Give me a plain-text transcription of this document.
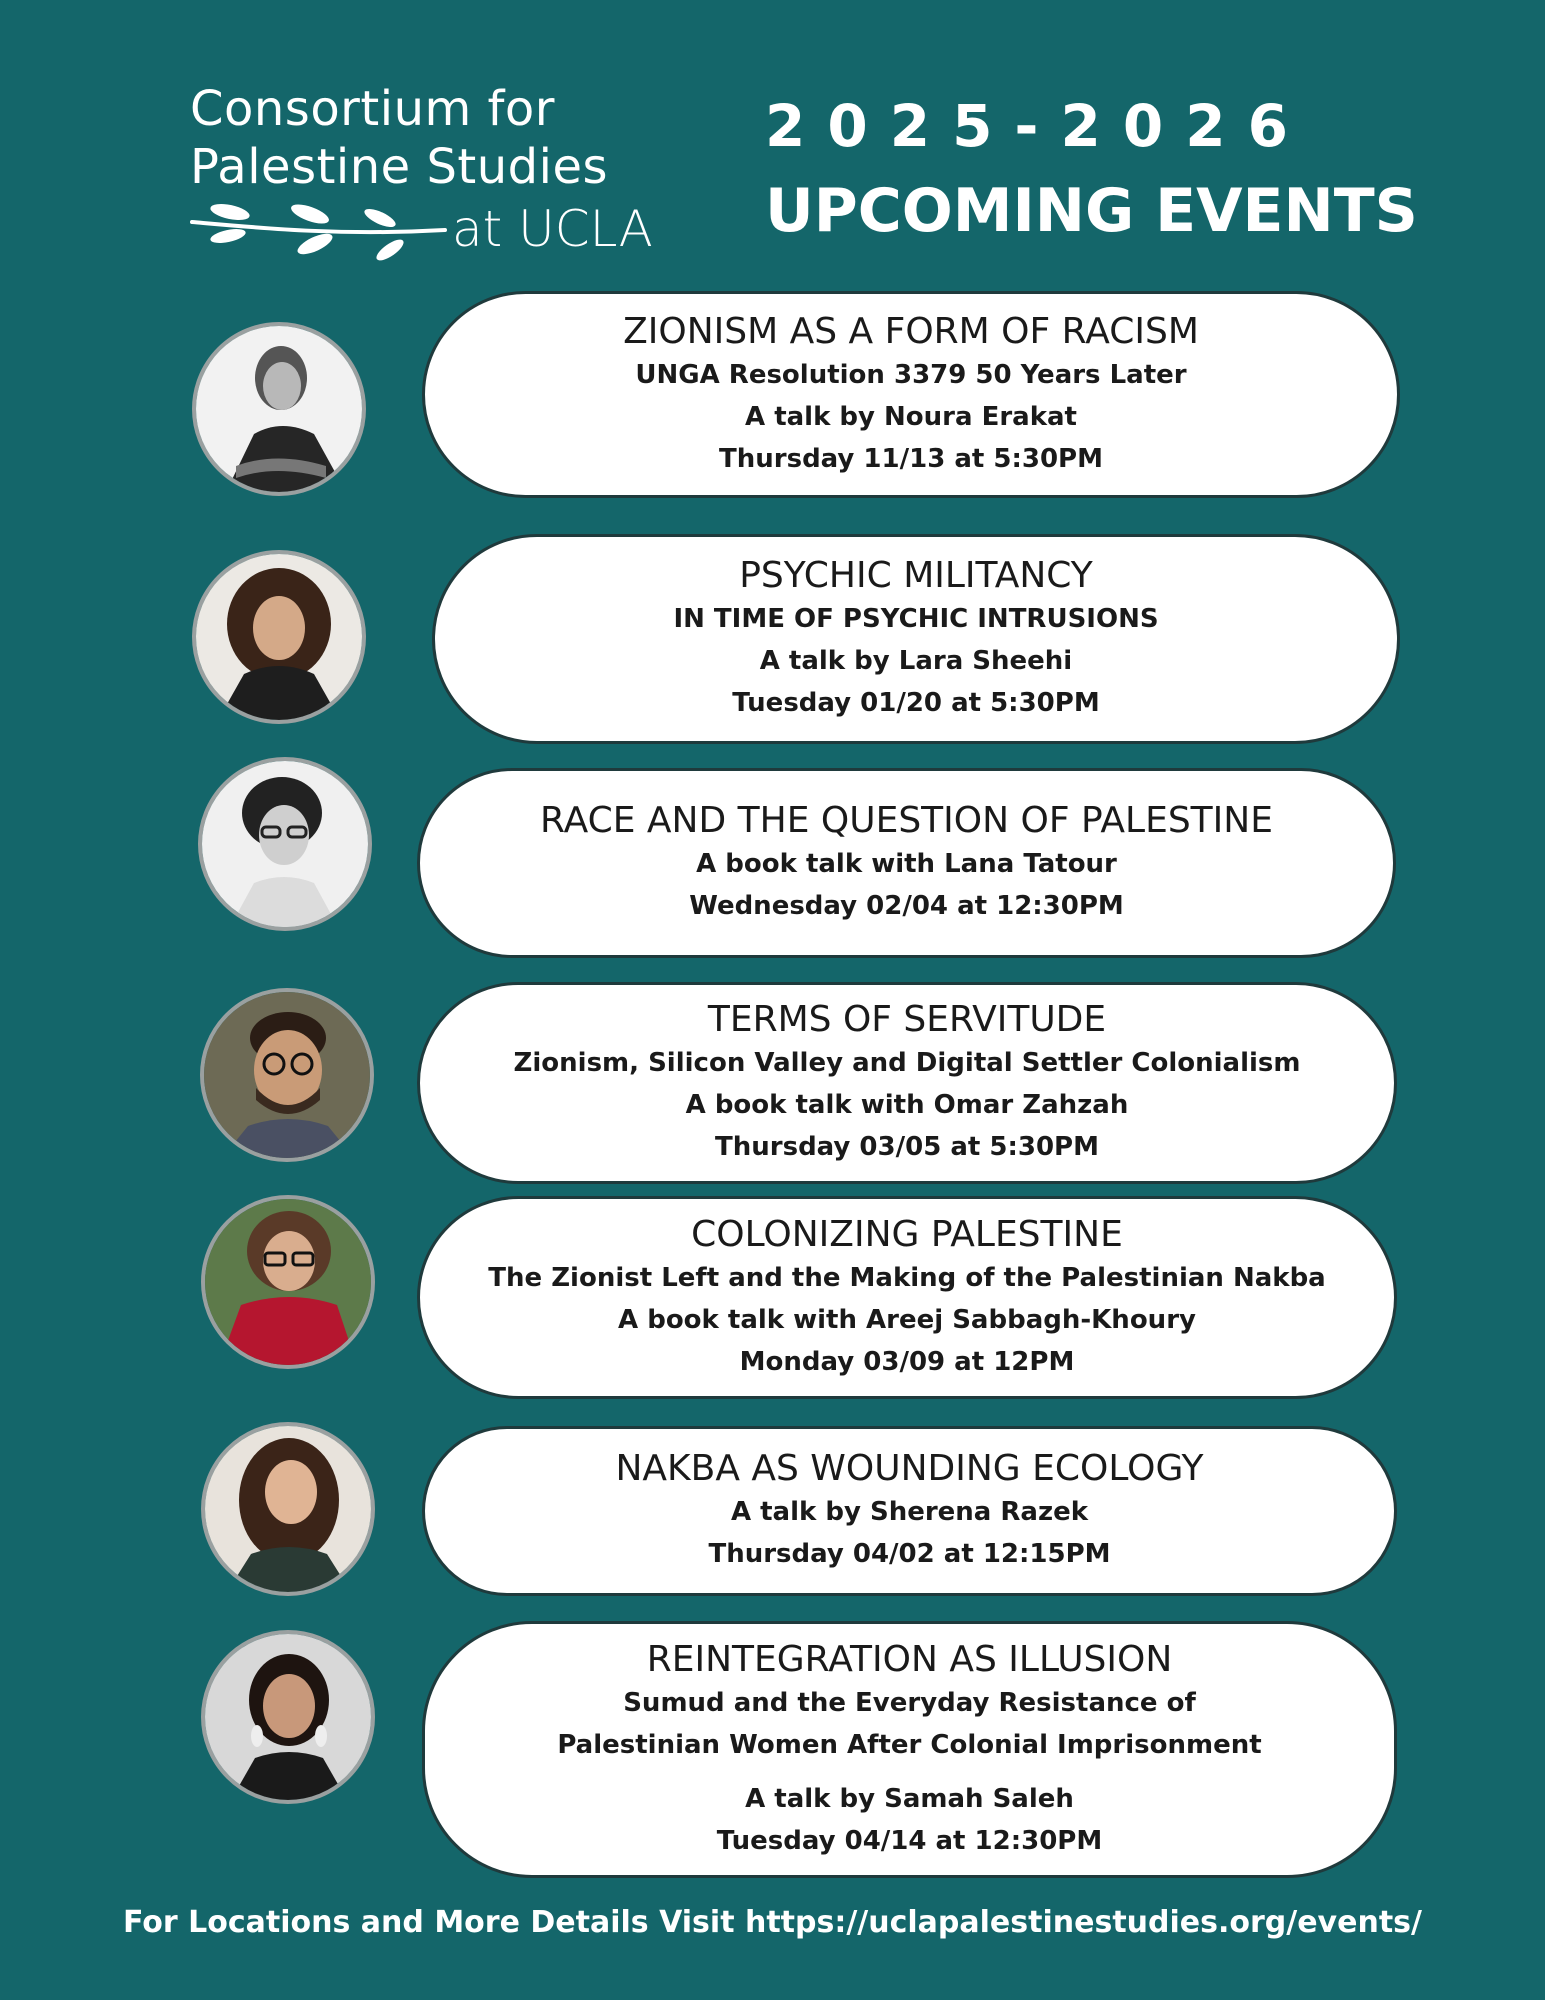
Consortium for
Palestine Studies
at UCLA
2025-2026
UPCOMING EVENTS
ZIONISM AS A FORM OF RACISM
UNGA Resolution 3379 50 Years Later
A talk by Noura Erakat
Thursday 11/13 at 5:30PM
PSYCHIC MILITANCY
IN TIME OF PSYCHIC INTRUSIONS
A talk by Lara Sheehi
Tuesday 01/20 at 5:30PM
RACE AND THE QUESTION OF PALESTINE
A book talk with Lana Tatour
Wednesday 02/04 at 12:30PM
TERMS OF SERVITUDE
Zionism, Silicon Valley and Digital Settler Colonialism
A book talk with Omar Zahzah
Thursday 03/05 at 5:30PM
COLONIZING PALESTINE
The Zionist Left and the Making of the Palestinian Nakba
A book talk with Areej Sabbagh-Khoury
Monday 03/09 at 12PM
NAKBA AS WOUNDING ECOLOGY
A talk by Sherena Razek
Thursday 04/02 at 12:15PM
REINTEGRATION AS ILLUSION
Sumud and the Everyday Resistance of
Palestinian Women After Colonial Imprisonment
A talk by Samah Saleh
Tuesday 04/14 at 12:30PM
For Locations and More Details Visit https://uclapalestinestudies.org/events/
